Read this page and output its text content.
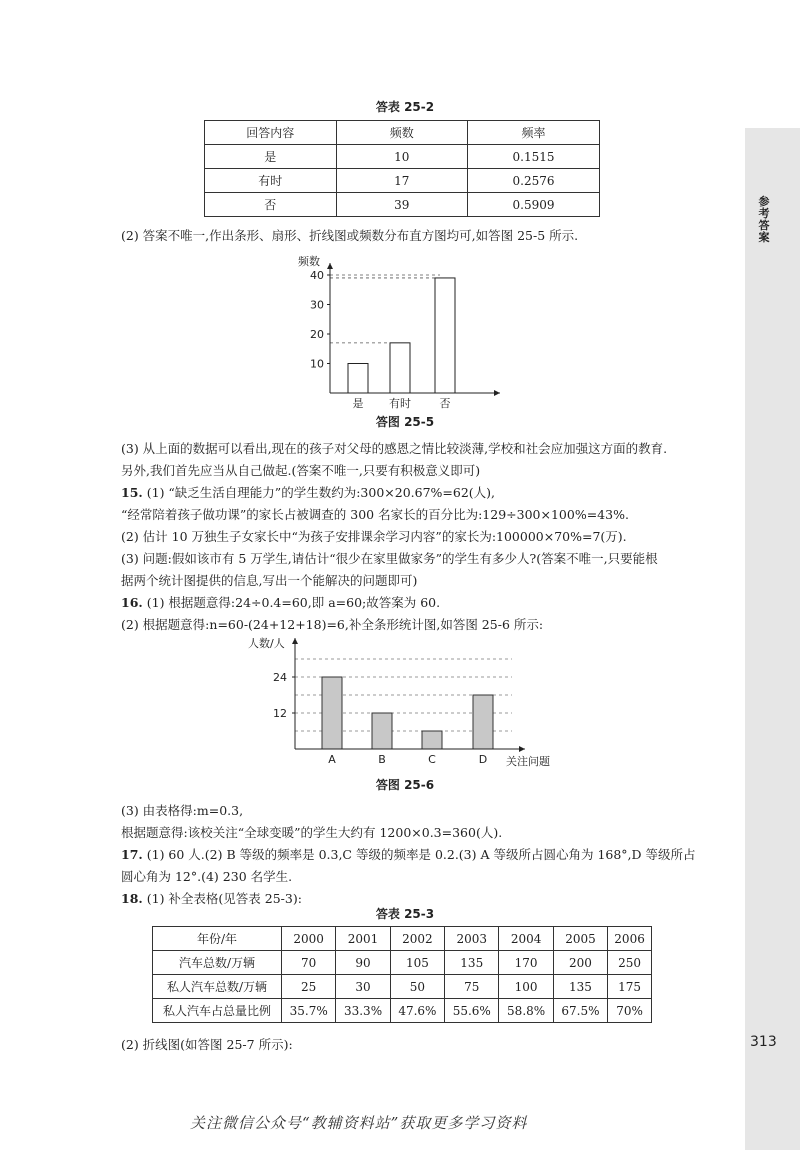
参考答案
313
答表 25-2
回答内容	频数	频率
是	10	0.1515
有时	17	0.2576
否	39	0.5909
(2) 答案不唯一,作出条形、扇形、折线图或频数分布直方图均可,如答图 25-5 所示.
是 有时	否
10
20
30
40
频数
答图 25-5
(3) 从上面的数据可以看出,现在的孩子对父母的感恩之情比较淡薄,学校和社会应加强这方面的教育.
另外,我们首先应当从自己做起.(答案不唯一,只要有积极意义即可)
15. (1) “缺乏生活自理能力”的学生数约为:300×20.67%=62(人),
“经常陪着孩子做功课”的家长占被调查的 300 名家长的百分比为:129÷300×100%=43%.
(2) 估计 10 万独生子女家长中“为孩子安排课余学习内容”的家长为:100000×70%=7(万).
(3) 问题:假如该市有 5 万学生,请估计“很少在家里做家务”的学生有多少人?(答案不唯一,只要能根
据两个统计图提供的信息,写出一个能解决的问题即可)
16. (1) 根据题意得:24÷0.4=60,即 a=60;故答案为 60.
(2) 根据题意得:n=60-(24+12+18)=6,补全条形统计图,如答图 25-6 所示:
A	B	C	D
12
24
人数/人
关注问题
答图 25-6
(3) 由表格得:m=0.3,
根据题意得:该校关注“全球变暖”的学生大约有 1200×0.3=360(人).
17. (1) 60 人.(2) B 等级的频率是 0.3,C 等级的频率是 0.2.(3) A 等级所占圆心角为 168°,D 等级所占
圆心角为 12°.(4) 230 名学生.
18. (1) 补全表格(见答表 25-3):
答表 25-3
年份/年	2000	2001	2002	2003	2004	2005	2006
汽车总数/万辆	70	90	105	135	170	200	250
私人汽车总数/万辆	25	30	50	75	100	135	175
私人汽车占总量比例	35.7%	33.3%	47.6%	55.6%	58.8%	67.5%	70%
(2) 折线图(如答图 25-7 所示):
关注微信公众号“教辅资料站”获取更多学习资料
